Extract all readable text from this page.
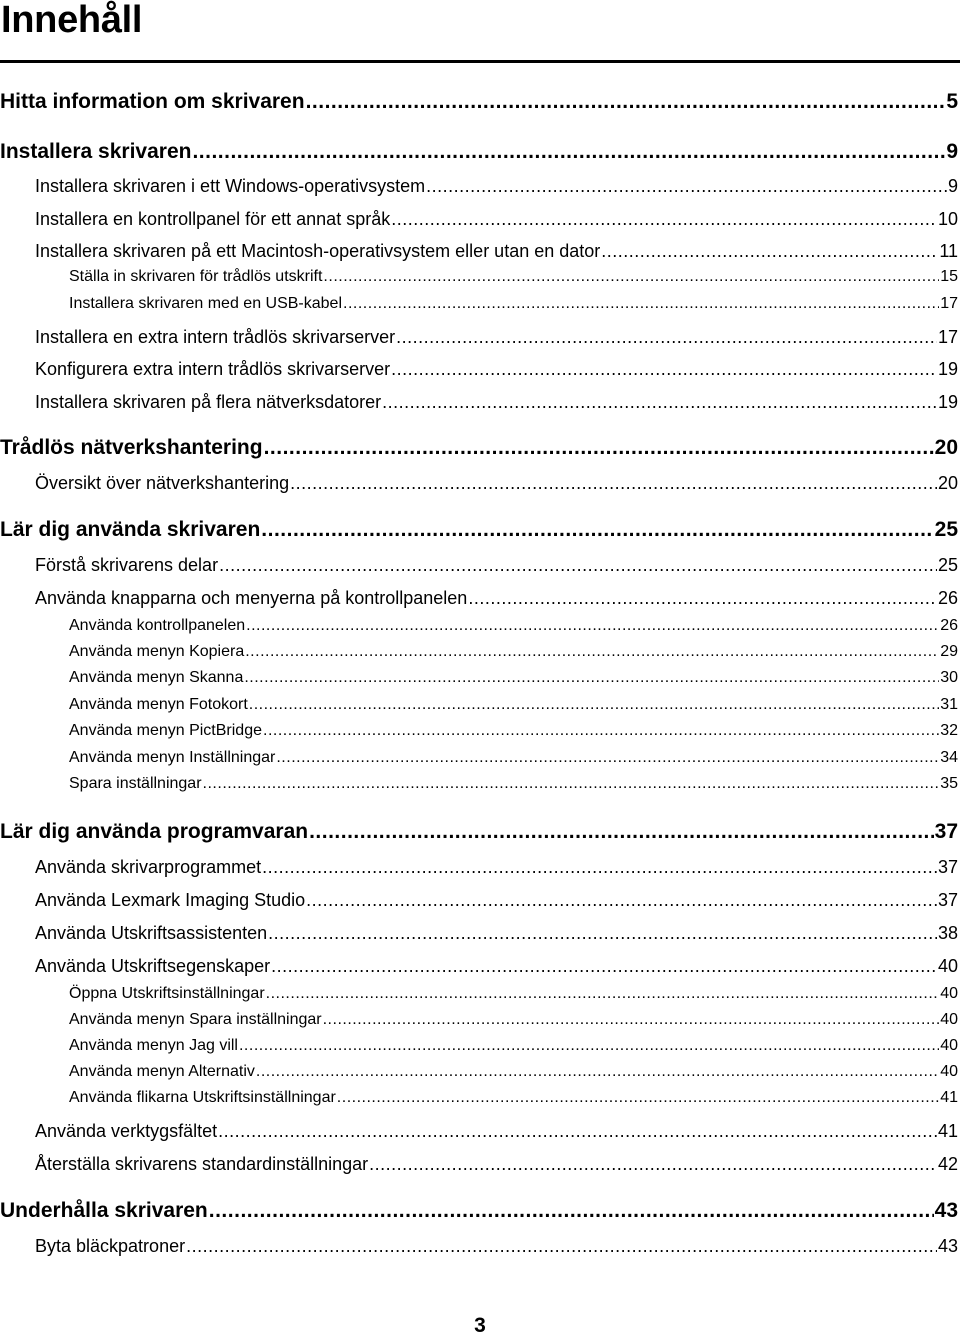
Innehåll
Hitta information om skrivaren .....	5
Installera skrivaren .....	9
Installera skrivaren i ett Windows-operativsystem .....	9
Installera en kontrollpanel för ett annat språk .....	10
Installera skrivaren på ett Macintosh-operativsystem eller utan en dator .....	11
Ställa in skrivaren för trådlös utskrift .....	15
Installera skrivaren med en USB-kabel .....	17
Installera en extra intern trådlös skrivarserver .....	17
Konfigurera extra intern trådlös skrivarserver .....	19
Installera skrivaren på flera nätverksdatorer .....	19
Trådlös nätverkshantering .....	20
Översikt över nätverkshantering .....	20
Lär dig använda skrivaren .....	25
Förstå skrivarens delar .....	25
Använda knapparna och menyerna på kontrollpanelen .....	26
Använda kontrollpanelen .....	26
Använda menyn Kopiera .....	29
Använda menyn Skanna .....	30
Använda menyn Fotokort .....	31
Använda menyn PictBridge .....	32
Använda menyn Inställningar .....	34
Spara inställningar .....	35
Lär dig använda programvaran .....	37
Använda skrivarprogrammet .....	37
Använda Lexmark Imaging Studio .....	37
Använda Utskriftsassistenten .....	38
Använda Utskriftsegenskaper .....	40
Öppna Utskriftsinställningar .....	40
Använda menyn Spara inställningar .....	40
Använda menyn Jag vill .....	40
Använda menyn Alternativ .....	40
Använda flikarna Utskriftsinställningar .....	41
Använda verktygsfältet .....	41
Återställa skrivarens standardinställningar .....	42
Underhålla skrivaren .....	43
Byta bläckpatroner .....	43
3
